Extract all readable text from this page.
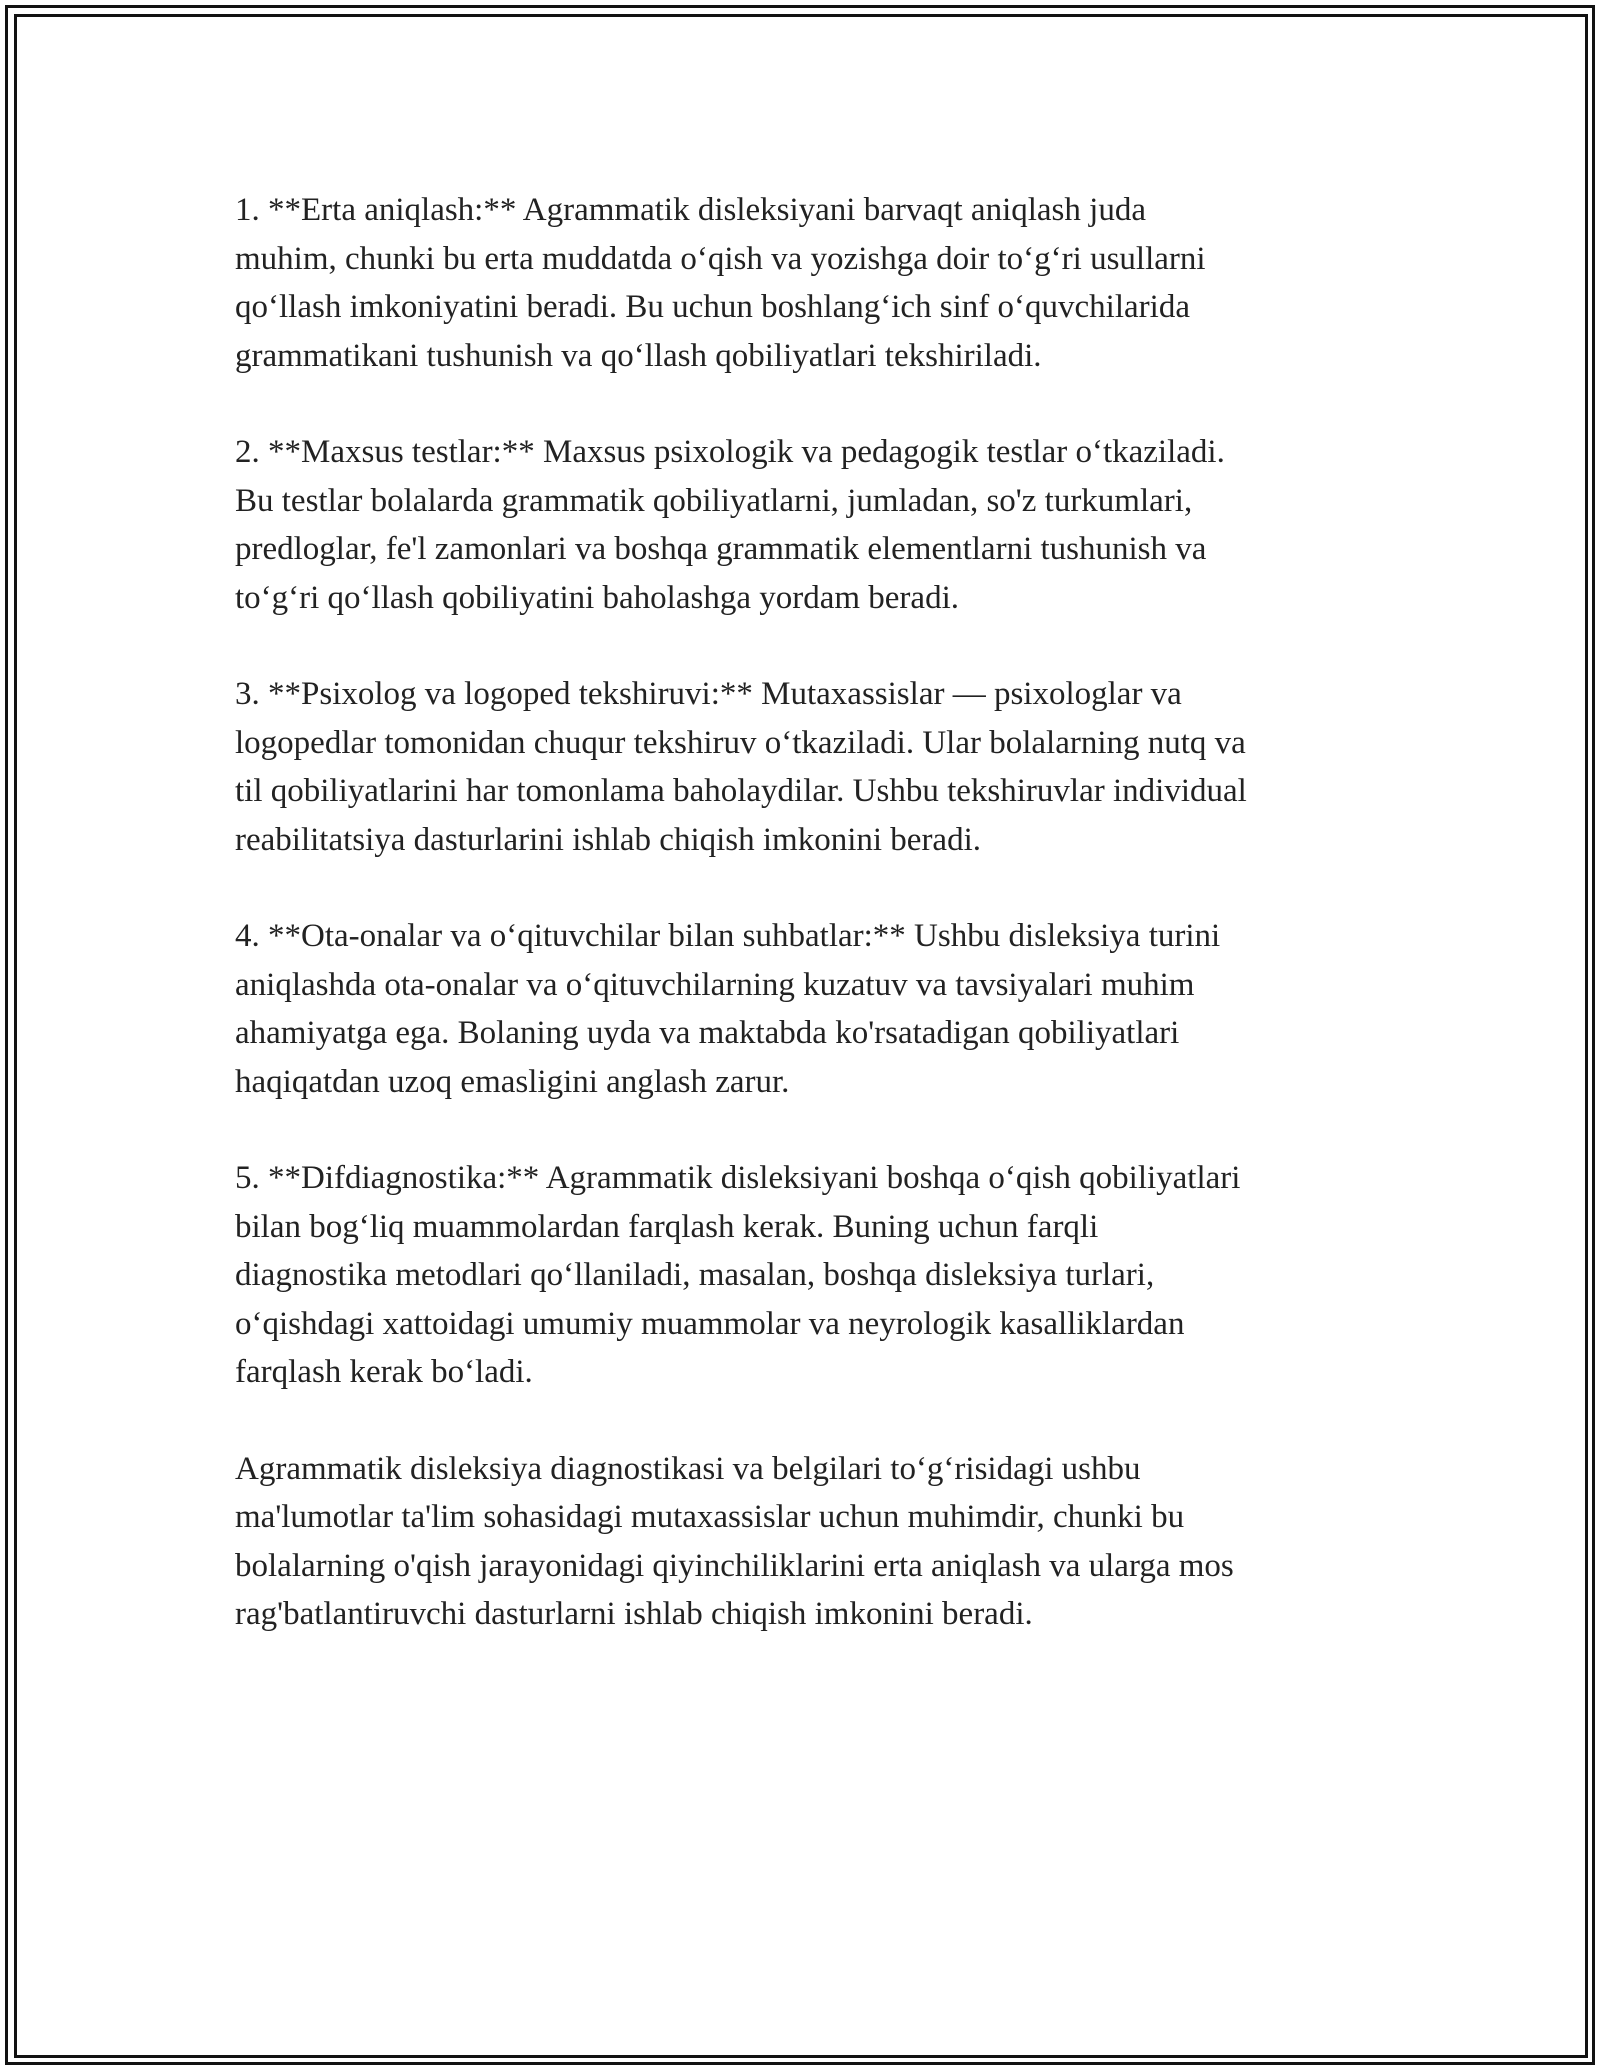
1. **Erta aniqlash:** Agrammatik disleksiyani barvaqt aniqlash juda
muhim, chunki bu erta muddatda o‘qish va yozishga doir to‘g‘ri usullarni
qo‘llash imkoniyatini beradi. Bu uchun boshlang‘ich sinf o‘quvchilarida
grammatikani tushunish va qo‘llash qobiliyatlari tekshiriladi.

2. **Maxsus testlar:** Maxsus psixologik va pedagogik testlar o‘tkaziladi.
Bu testlar bolalarda grammatik qobiliyatlarni, jumladan, so'z turkumlari,
predloglar, fe'l zamonlari va boshqa grammatik elementlarni tushunish va
to‘g‘ri qo‘llash qobiliyatini baholashga yordam beradi.

3. **Psixolog va logoped tekshiruvi:** Mutaxassislar — psixologlar va
logopedlar tomonidan chuqur tekshiruv o‘tkaziladi. Ular bolalarning nutq va
til qobiliyatlarini har tomonlama baholaydilar. Ushbu tekshiruvlar individual
reabilitatsiya dasturlarini ishlab chiqish imkonini beradi.

4. **Ota-onalar va o‘qituvchilar bilan suhbatlar:** Ushbu disleksiya turini
aniqlashda ota-onalar va o‘qituvchilarning kuzatuv va tavsiyalari muhim
ahamiyatga ega. Bolaning uyda va maktabda ko'rsatadigan qobiliyatlari
haqiqatdan uzoq emasligini anglash zarur.

5. **Difdiagnostika:** Agrammatik disleksiyani boshqa o‘qish qobiliyatlari
bilan bog‘liq muammolardan farqlash kerak. Buning uchun farqli
diagnostika metodlari qo‘llaniladi, masalan, boshqa disleksiya turlari,
o‘qishdagi xattoidagi umumiy muammolar va neyrologik kasalliklardan
farqlash kerak bo‘ladi.

Agrammatik disleksiya diagnostikasi va belgilari to‘g‘risidagi ushbu
ma'lumotlar ta'lim sohasidagi mutaxassislar uchun muhimdir, chunki bu
bolalarning o'qish jarayonidagi qiyinchiliklarini erta aniqlash va ularga mos
rag'batlantiruvchi dasturlarni ishlab chiqish imkonini beradi.
